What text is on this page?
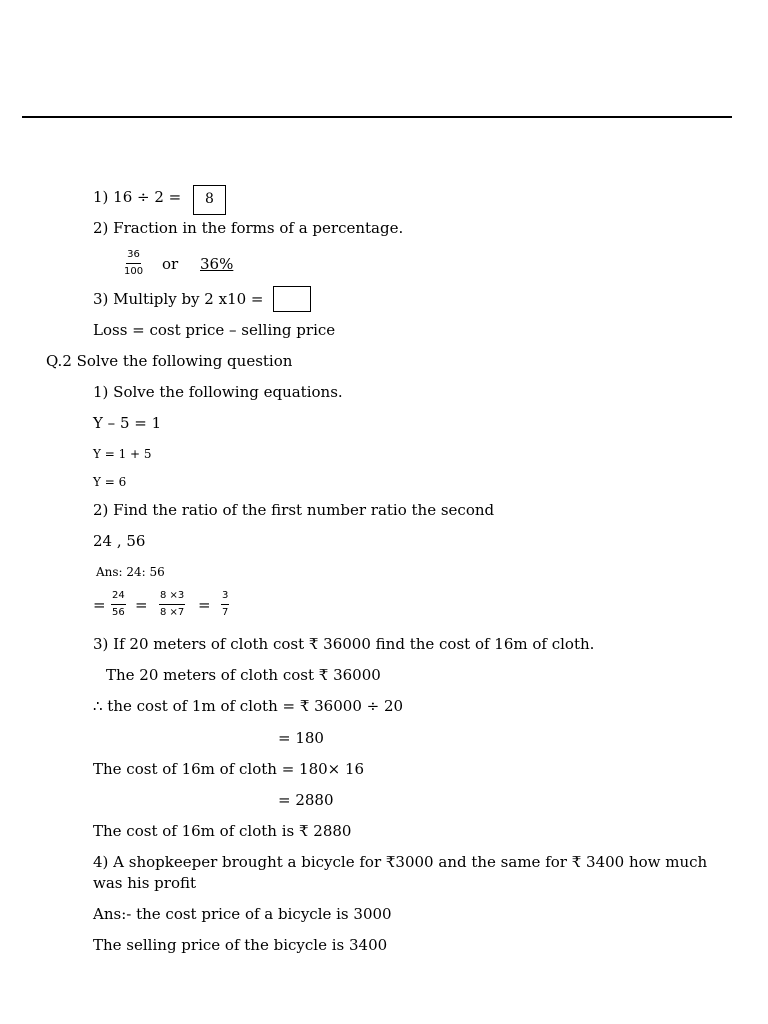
1) 16 ÷ 2 =	8
2) Fraction in the forms of a percentage.
$\frac{36}{100}$ or 36%
3) Multiply by 2 x10 =
Loss = cost price – selling price
Q.2 Solve the following question
1) Solve the following equations.
Y – 5 = 1
Y = 1 + 5
Y = 6
2) Find the ratio of the first number ratio the second
24 , 56
Ans: 24: 56
= $\frac{24}{56} = \frac{8 \times 3}{8 \times 7} = \frac{3}{7}$
3) If 20 meters of cloth cost ₹ 36000 find the cost of 16m of cloth.
The 20 meters of cloth cost ₹ 36000
∴ the cost of 1m of cloth = ₹ 36000 ÷ 20
= 180
The cost of 16m of cloth = 180× 16
= 2880
The cost of 16m of cloth is ₹ 2880
4) A shopkeeper brought a bicycle for ₹3000 and the same for ₹ 3400 how much was his profit
Ans:- the cost price of a bicycle is 3000
The selling price of the bicycle is 3400
